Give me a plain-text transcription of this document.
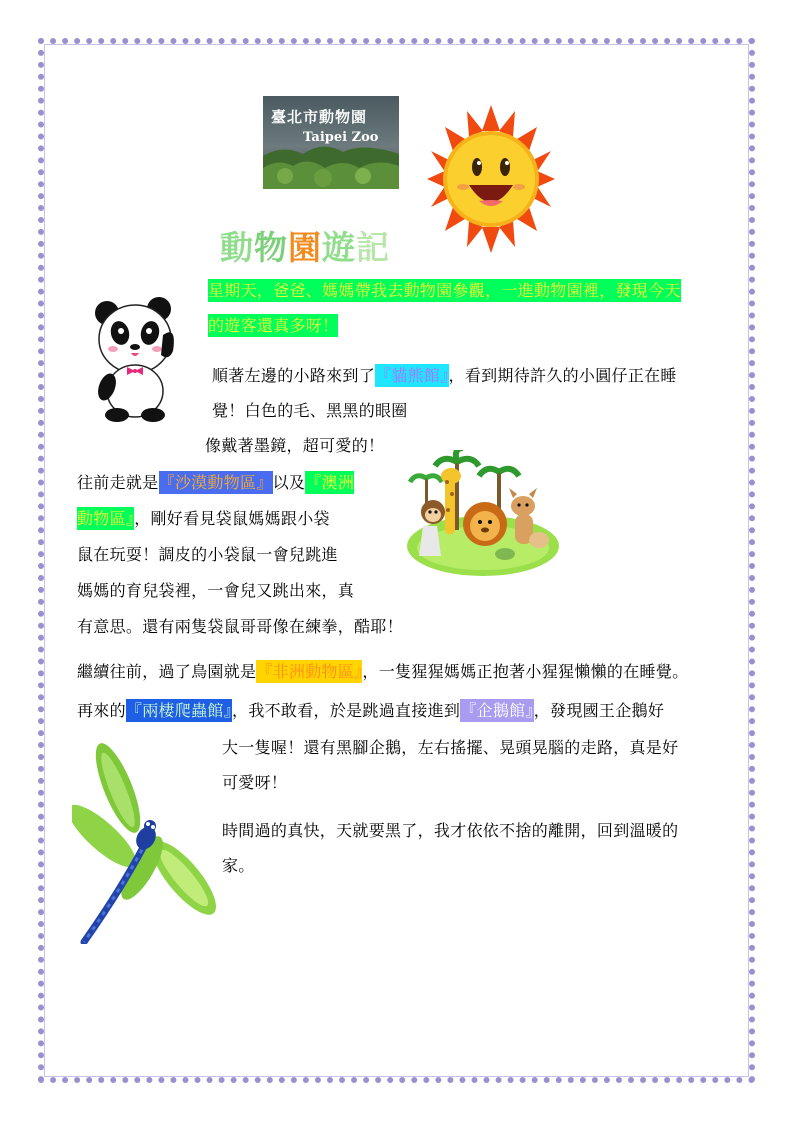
臺北市動物園
Taipei Zoo
動物園遊記
星期天，爸爸、媽媽帶我去動物園參觀，一進動物園裡，發現今天
的遊客還真多呀！
順著左邊的小路來到了『貓熊館』，看到期待許久的小圓仔正在睡
覺！白色的毛、黑黑的眼圈
像戴著墨鏡，超可愛的！
往前走就是『沙漠動物區』以及『澳洲
動物區』，剛好看見袋鼠媽媽跟小袋
鼠在玩耍！調皮的小袋鼠一會兒跳進
媽媽的育兒袋裡，一會兒又跳出來，真
有意思。還有兩隻袋鼠哥哥像在練拳，酷耶！
繼續往前，過了鳥園就是『非洲動物區』，一隻猩猩媽媽正抱著小猩猩懶懶的在睡覺。
再來的『兩棲爬蟲館』，我不敢看，於是跳過直接進到『企鵝館』，發現國王企鵝好
大一隻喔！還有黑腳企鵝，左右搖擺、晃頭晃腦的走路，真是好
可愛呀！
時間過的真快，天就要黑了，我才依依不捨的離開，回到溫暖的
家。
